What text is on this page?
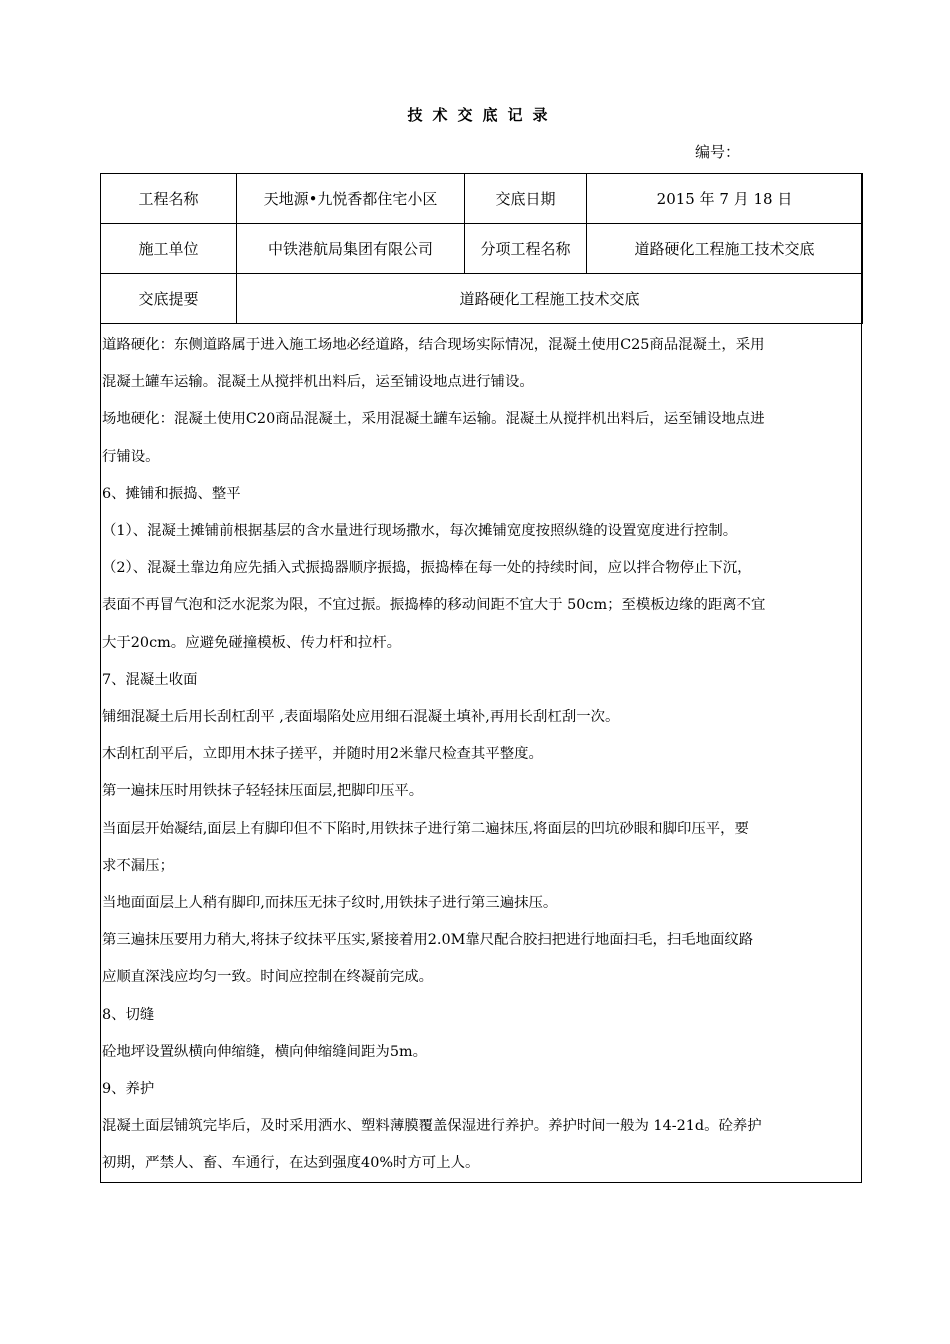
技术交底记录
编号：
工程名称	天地源•九悦香都住宅小区	交底日期	2015 年 7 月 18 日
施工单位	中铁港航局集团有限公司	分项工程名称	道路硬化工程施工技术交底
交底提要	道路硬化工程施工技术交底		
道路硬化：东侧道路属于进入施工场地必经道路，结合现场实际情况，混凝土使用C25商品混凝土，采用
混凝土罐车运输。混凝土从搅拌机出料后，运至铺设地点进行铺设。
场地硬化：混凝土使用C20商品混凝土，采用混凝土罐车运输。混凝土从搅拌机出料后，运至铺设地点进
行铺设。
6、摊铺和振捣、整平
（1）、混凝土摊铺前根据基层的含水量进行现场撒水，每次摊铺宽度按照纵缝的设置宽度进行控制。
（2）、混凝土靠边角应先插入式振捣器顺序振捣，振捣棒在每一处的持续时间，应以拌合物停止下沉，
表面不再冒气泡和泛水泥浆为限，不宜过振。振捣棒的移动间距不宜大于 50cm；至模板边缘的距离不宜
大于20cm。应避免碰撞模板、传力杆和拉杆。
7、混凝土收面
铺细混凝土后用长刮杠刮平 ,表面塌陷处应用细石混凝土填补,再用长刮杠刮一次。
木刮杠刮平后，立即用木抹子搓平，并随时用2米靠尺检查其平整度。
第一遍抹压时用铁抹子轻轻抹压面层,把脚印压平。
当面层开始凝结,面层上有脚印但不下陷时,用铁抹子进行第二遍抹压,将面层的凹坑砂眼和脚印压平，要
求不漏压；
当地面面层上人稍有脚印,而抹压无抹子纹时,用铁抹子进行第三遍抹压。
第三遍抹压要用力稍大,将抹子纹抹平压实,紧接着用2.0M靠尺配合胶扫把进行地面扫毛，扫毛地面纹路
应顺直深浅应均匀一致。时间应控制在终凝前完成。
8、切缝
砼地坪设置纵横向伸缩缝，横向伸缩缝间距为5m。
9、养护
混凝土面层铺筑完毕后，及时采用洒水、塑料薄膜覆盖保湿进行养护。养护时间一般为 14-21d。砼养护
初期，严禁人、畜、车通行，在达到强度40%时方可上人。
